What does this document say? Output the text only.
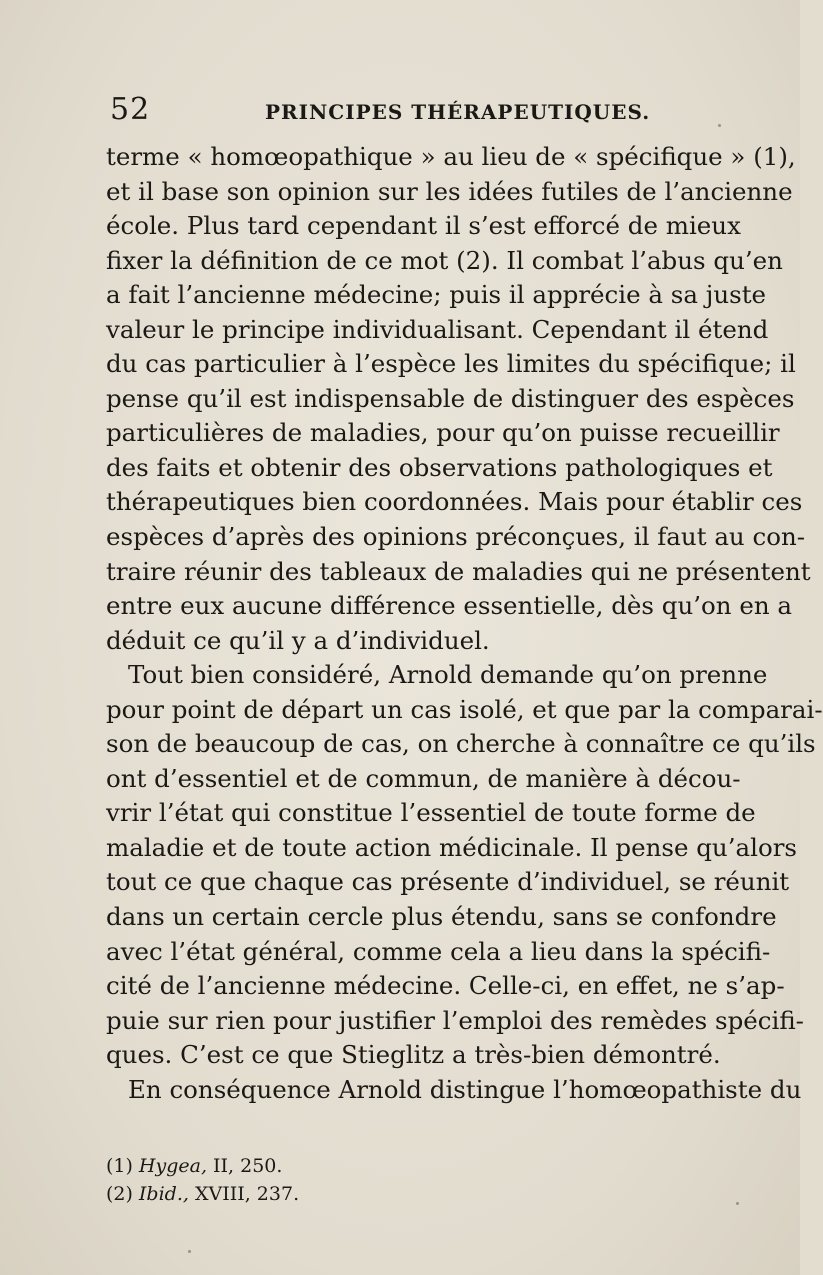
52	PRINCIPES THÉRAPEUTIQUES.
terme « homœopathique » au lieu de « spécifique » (1),
et il base son opinion sur les idées futiles de l’ancienne
école. Plus tard cependant il s’est efforcé de mieux
fixer la définition de ce mot (2). Il combat l’abus qu’en
a fait l’ancienne médecine; puis il apprécie à sa juste
valeur le principe individualisant. Cependant il étend
du cas particulier à l’espèce les limites du spécifique; il
pense qu’il est indispensable de distinguer des espèces
particulières de maladies, pour qu’on puisse recueillir
des faits et obtenir des observations pathologiques et
thérapeutiques bien coordonnées. Mais pour établir ces
espèces d’après des opinions préconçues, il faut au con-
traire réunir des tableaux de maladies qui ne présentent
entre eux aucune différence essentielle, dès qu’on en a
déduit ce qu’il y a d’individuel.
Tout bien considéré, Arnold demande qu’on prenne
pour point de départ un cas isolé, et que par la comparai-
son de beaucoup de cas, on cherche à connaître ce qu’ils
ont d’essentiel et de commun, de manière à décou-
vrir l’état qui constitue l’essentiel de toute forme de
maladie et de toute action médicinale. Il pense qu’alors
tout ce que chaque cas présente d’individuel, se réunit
dans un certain cercle plus étendu, sans se confondre
avec l’état général, comme cela a lieu dans la spécifi-
cité de l’ancienne médecine. Celle-ci, en effet, ne s’ap-
puie sur rien pour justifier l’emploi des remèdes spécifi-
ques. C’est ce que Stieglitz a très-bien démontré.
En conséquence Arnold distingue l’homœopathiste du
(1) Hygea, II, 250.
(2) Ibid., XVIII, 237.
